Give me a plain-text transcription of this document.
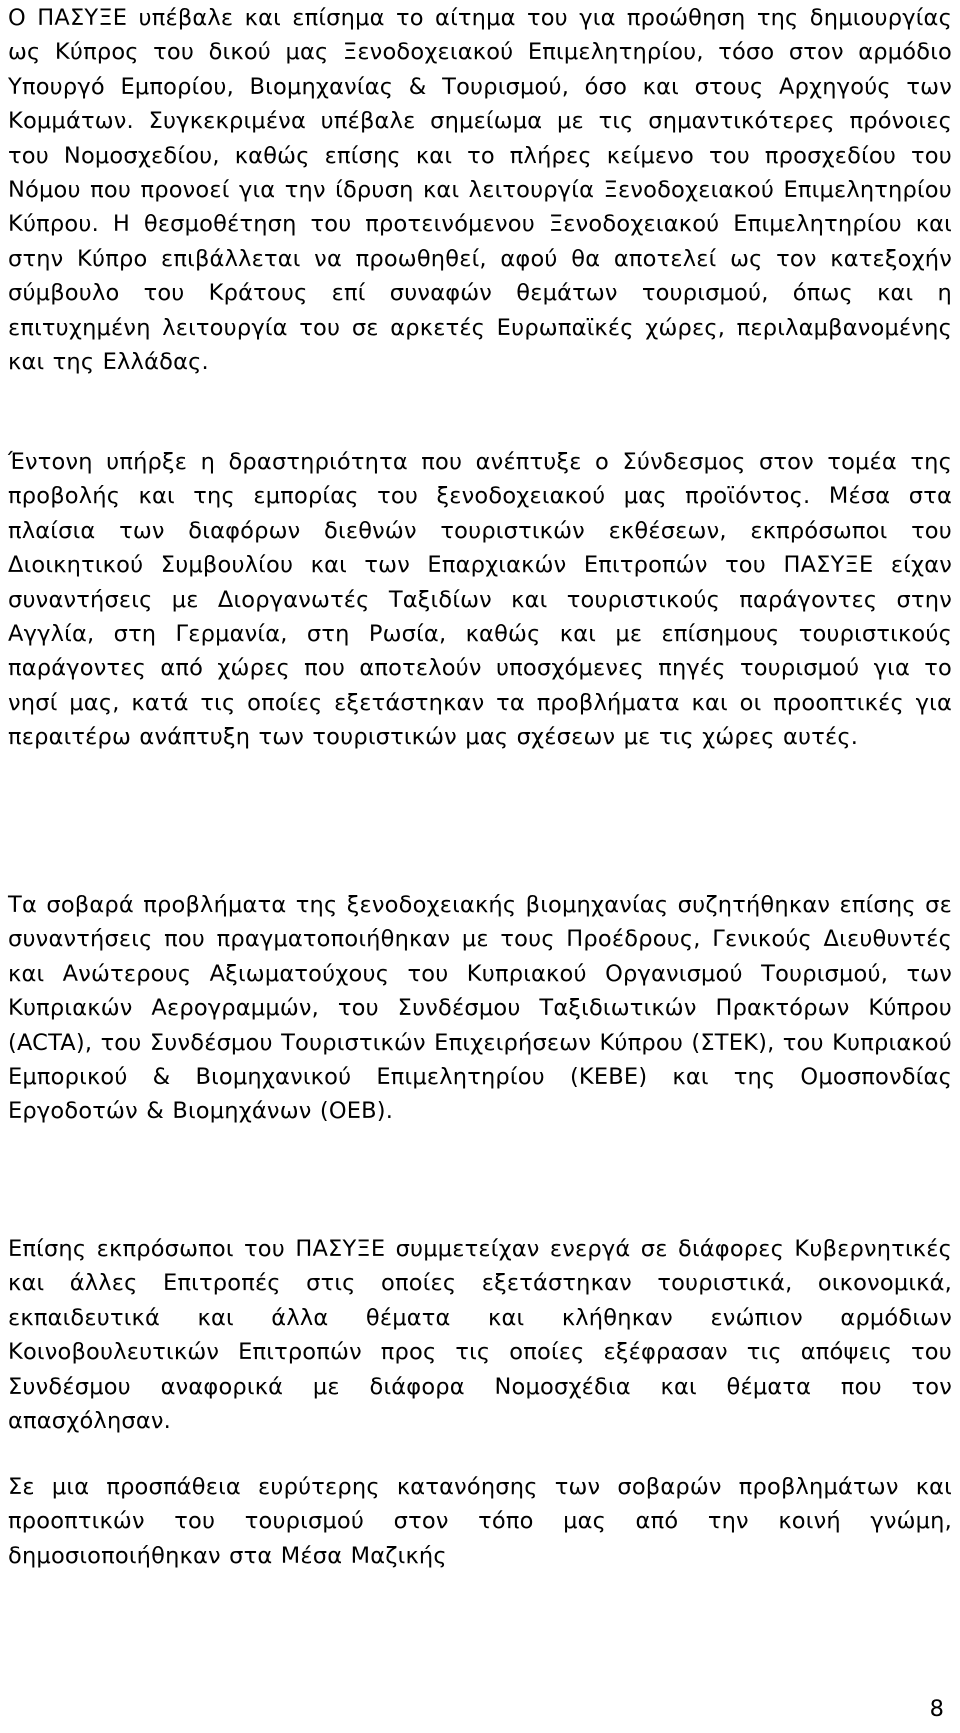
Ο ΠΑΣΥΞΕ υπέβαλε και επίσημα το αίτημα του για προώθηση της δημιουργίας ως Κύπρος του δικού μας Ξενοδοχειακού Επιμελητηρίου, τόσο στον αρμόδιο Υπουργό Εμπορίου, Βιομηχανίας & Τουρισμού, όσο και στους Αρχηγούς των Κομμάτων. Συγκεκριμένα υπέβαλε σημείωμα με τις σημαντικότερες πρόνοιες του Νομοσχεδίου, καθώς επίσης και το πλήρες κείμενο του προσχεδίου του Νόμου που προνοεί για την ίδρυση και λειτουργία Ξενοδοχειακού Επιμελητηρίου Κύπρου. Η θεσμοθέτηση του προτεινόμενου Ξενοδοχειακού Επιμελητηρίου και στην Κύπρο επιβάλλεται να προωθηθεί, αφού θα αποτελεί ως τον κατεξοχήν σύμβουλο του Κράτους επί συναφών θεμάτων τουρισμού, όπως και η επιτυχημένη λειτουργία του σε αρκετές Ευρωπαϊκές χώρες, περιλαμβανομένης και της Ελλάδας.

Έντονη υπήρξε η δραστηριότητα που ανέπτυξε ο Σύνδεσμος στον τομέα της προβολής και της εμπορίας του ξενοδοχειακού μας προϊόντος. Μέσα στα πλαίσια των διαφόρων διεθνών τουριστικών εκθέσεων, εκπρόσωποι του Διοικητικού Συμβουλίου και των Επαρχιακών Επιτροπών του ΠΑΣΥΞΕ είχαν συναντήσεις με Διοργανωτές Ταξιδίων και τουριστικούς παράγοντες στην Αγγλία, στη Γερμανία, στη Ρωσία, καθώς και με επίσημους τουριστικούς παράγοντες από χώρες που αποτελούν υποσχόμενες πηγές τουρισμού για το νησί μας, κατά τις οποίες εξετάστηκαν τα προβλήματα και οι προοπτικές για περαιτέρω ανάπτυξη των τουριστικών μας σχέσεων με τις χώρες αυτές.

Τα σοβαρά προβλήματα της ξενοδοχειακής βιομηχανίας συζητήθηκαν επίσης σε συναντήσεις που πραγματοποιήθηκαν με τους Προέδρους, Γενικούς Διευθυντές και Ανώτερους Αξιωματούχους του Κυπριακού Οργανισμού Τουρισμού, των Κυπριακών Αερογραμμών, του Συνδέσμου Ταξιδιωτικών Πρακτόρων Κύπρου (ACTA), του Συνδέσμου Τουριστικών Επιχειρήσεων Κύπρου (ΣΤΕΚ), του Κυπριακού Εμπορικού & Βιομηχανικού Επιμελητηρίου (ΚΕΒΕ) και της Ομοσπονδίας Εργοδοτών & Βιομηχάνων (ΟΕΒ).

Επίσης εκπρόσωποι του ΠΑΣΥΞΕ συμμετείχαν ενεργά σε διάφορες Κυβερνητικές και άλλες Επιτροπές στις οποίες εξετάστηκαν τουριστικά, οικονομικά, εκπαιδευτικά και άλλα θέματα και κλήθηκαν ενώπιον αρμόδιων Κοινοβουλευτικών Επιτροπών προς τις οποίες εξέφρασαν τις απόψεις του Συνδέσμου αναφορικά με διάφορα Νομοσχέδια και θέματα που τον απασχόλησαν.

Σε μια προσπάθεια ευρύτερης κατανόησης των σοβαρών προβλημάτων και προοπτικών του τουρισμού στον τόπο μας από την κοινή γνώμη, δημοσιοποιήθηκαν στα Μέσα Μαζικής

8
